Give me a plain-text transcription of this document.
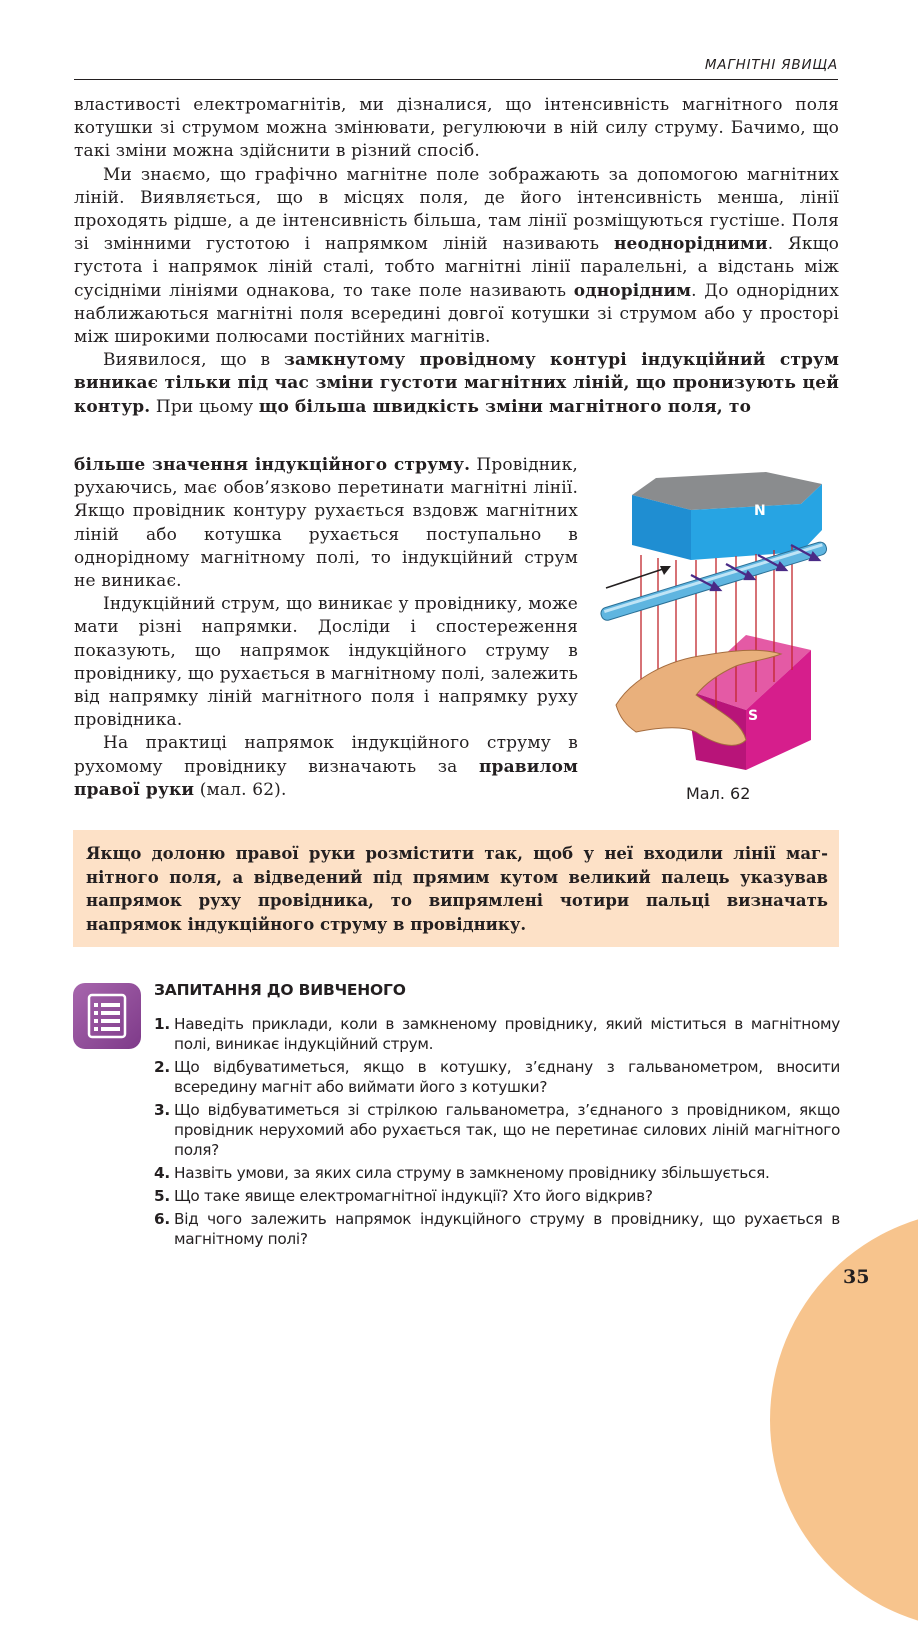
МАГНІТНІ ЯВИЩА

властивості електромагнітів, ми дізналися, що інтенсивність магнітного поля котушки зі струмом можна змінювати, регулюючи в ній силу струму. Бачимо, що такі зміни можна здійснити в різний спосіб.

Ми знаємо, що графічно магнітне поле зображають за допомогою магнітних ліній. Виявляється, що в місцях поля, де його інтенсивність менша, лінії проходять рідше, а де інтенсивність більша, там лінії розміщуються густіше. Поля зі змінними густотою і напрямком ліній називають неоднорідними. Якщо густота і напрямок ліній сталі, тобто магнітні лінії паралельні, а відстань між сусідніми лініями однакова, то таке поле називають однорідним. До однорідних наближаються магнітні поля всередині довгої котушки зі струмом або у просторі між широкими полюсами постійних магнітів.

Виявилося, що в замкнутому провідному контурі індукційний струм виникає тільки під час зміни густоти магнітних ліній, що пронизують цей контур. При цьому що більша швидкість зміни магнітного поля, то

більше значення індукційного струму. Провідник, рухаючись, має обов’язково перетинати магнітні лінії. Якщо провідник контуру рухається вздовж магнітних ліній або котушка рухається поступально в однорідному магнітному полі, то індукційний струм не виникає.

Індукційний струм, що виникає у провіднику, може мати різні напрямки. Досліди і спостереження показують, що напрямок індукційного струму в провіднику, що рухається в магнітному полі, залежить від напрямку ліній магнітного поля і напрямку руху провідника.

На практиці напрямок індукційного струму в рухомому провіднику визначають за правилом правої руки (мал. 62).

N
S
Мал. 62

Якщо долоню правої руки розмістити так, щоб у неї входили лінії магнітного поля, а відведений під прямим кутом великий палець указував напрямок руху провідника, то випрямлені чотири пальці визначать напрямок індукційного струму в провіднику.

ЗАПИТАННЯ ДО ВИВЧЕНОГО
1. Наведіть приклади, коли в замкненому провіднику, який міститься в магнітному полі, виникає індукційний струм.
2. Що відбуватиметься, якщо в котушку, з’єднану з гальванометром, вносити всередину магніт або виймати його з котушки?
3. Що відбуватиметься зі стрілкою гальванометра, з’єднаного з провідником, якщо провідник нерухомий або рухається так, що не перетинає силових ліній магнітного поля?
4. Назвіть умови, за яких сила струму в замкненому провіднику збільшується.
5. Що таке явище електромагнітної індукції? Хто його відкрив?
6. Від чого залежить напрямок індукційного струму в провіднику, що рухається в магнітному полі?
35
